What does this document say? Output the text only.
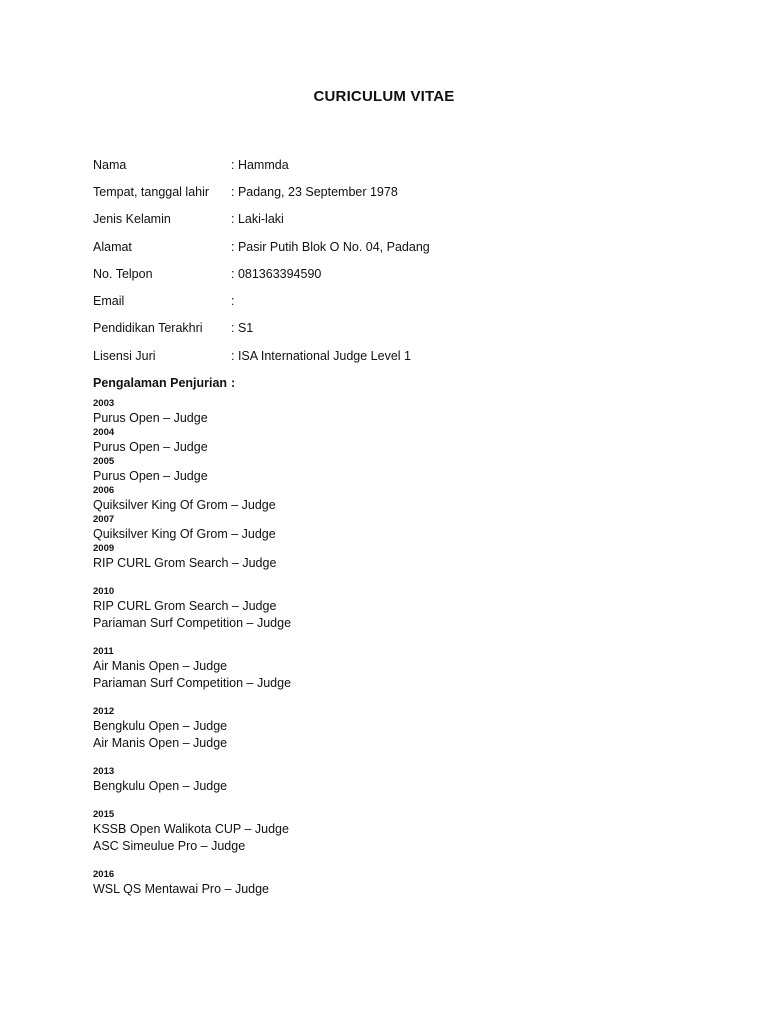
CURICULUM VITAE
Nama	: Hammda
Tempat, tanggal lahir	: Padang, 23 September 1978
Jenis Kelamin	: Laki-laki
Alamat	: Pasir Putih Blok O No. 04, Padang
No. Telpon	: 081363394590
Email	:
Pendidikan Terakhri	: S1
Lisensi Juri	: ISA International Judge Level 1
Pengalaman Penjurian :
2003
Purus Open – Judge
2004
Purus Open – Judge
2005
Purus Open – Judge
2006
Quiksilver King Of Grom – Judge
2007
Quiksilver King Of Grom – Judge
2009
RIP CURL Grom Search – Judge
2010
RIP CURL Grom Search – Judge
Pariaman Surf Competition – Judge
2011
Air Manis Open – Judge
Pariaman Surf Competition – Judge
2012
Bengkulu Open – Judge
Air Manis Open – Judge
2013
Bengkulu Open – Judge
2015
KSSB Open Walikota CUP – Judge
ASC Simeulue Pro – Judge
2016
WSL QS Mentawai Pro – Judge
